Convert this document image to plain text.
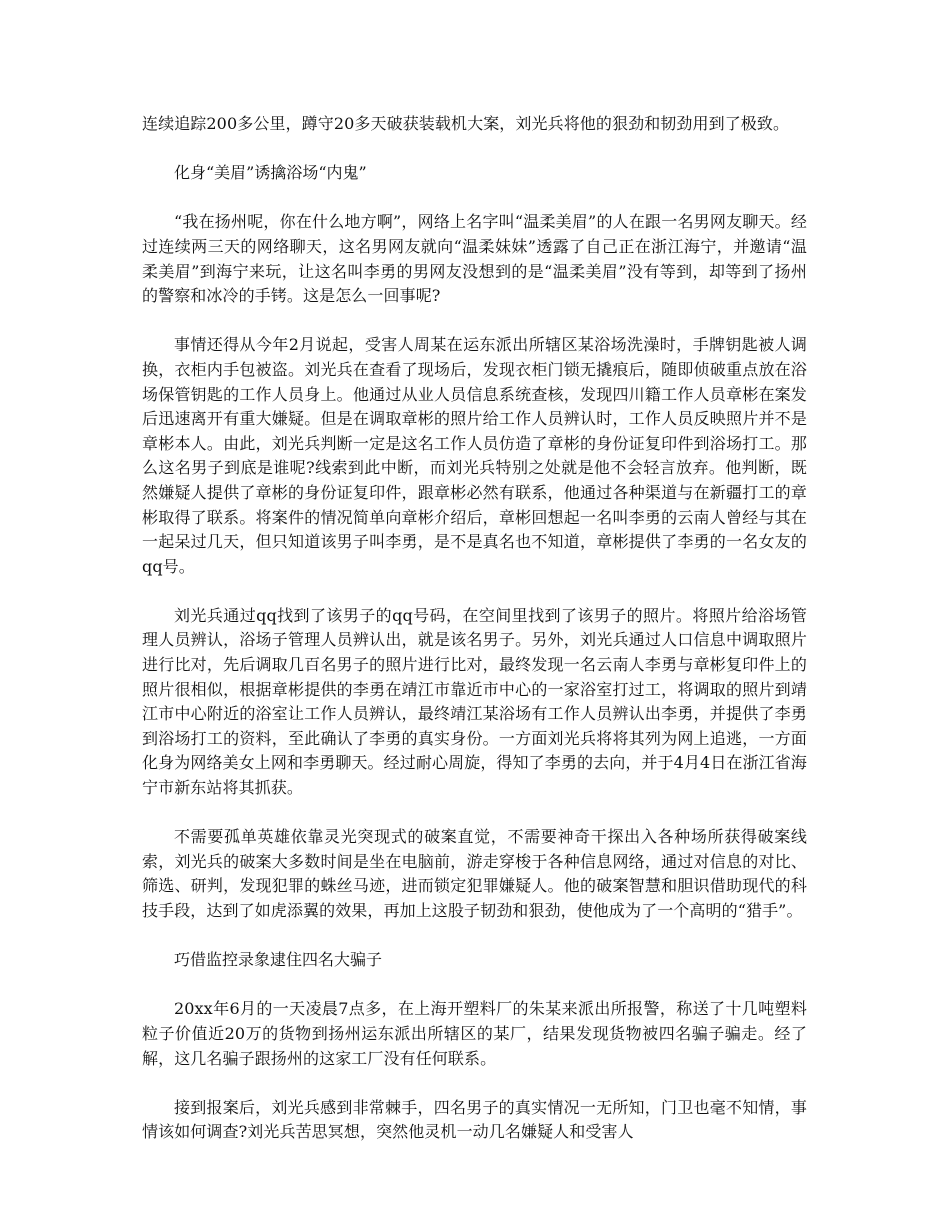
连续追踪200多公里，蹲守20多天破获装载机大案，刘光兵将他的狠劲和韧劲用到了极致。

化身“美眉”诱擒浴场“内鬼”

“我在扬州呢，你在什么地方啊”，网络上名字叫“温柔美眉”的人在跟一名男网友聊天。经过连续两三天的网络聊天，这名男网友就向“温柔妹妹”透露了自己正在浙江海宁，并邀请“温柔美眉”到海宁来玩，让这名叫李勇的男网友没想到的是“温柔美眉”没有等到，却等到了扬州的警察和冰冷的手铐。这是怎么一回事呢?

事情还得从今年2月说起，受害人周某在运东派出所辖区某浴场洗澡时，手牌钥匙被人调换，衣柜内手包被盗。刘光兵在查看了现场后，发现衣柜门锁无撬痕后，随即侦破重点放在浴场保管钥匙的工作人员身上。他通过从业人员信息系统查核，发现四川籍工作人员章彬在案发后迅速离开有重大嫌疑。但是在调取章彬的照片给工作人员辨认时，工作人员反映照片并不是章彬本人。由此，刘光兵判断一定是这名工作人员仿造了章彬的身份证复印件到浴场打工。那么这名男子到底是谁呢?线索到此中断，而刘光兵特别之处就是他不会轻言放弃。他判断，既然嫌疑人提供了章彬的身份证复印件，跟章彬必然有联系，他通过各种渠道与在新疆打工的章彬取得了联系。将案件的情况简单向章彬介绍后，章彬回想起一名叫李勇的云南人曾经与其在一起呆过几天，但只知道该男子叫李勇，是不是真名也不知道，章彬提供了李勇的一名女友的qq号。

刘光兵通过qq找到了该男子的qq号码，在空间里找到了该男子的照片。将照片给浴场管理人员辨认，浴场子管理人员辨认出，就是该名男子。另外，刘光兵通过人口信息中调取照片进行比对，先后调取几百名男子的照片进行比对，最终发现一名云南人李勇与章彬复印件上的照片很相似，根据章彬提供的李勇在靖江市靠近市中心的一家浴室打过工，将调取的照片到靖江市中心附近的浴室让工作人员辨认，最终靖江某浴场有工作人员辨认出李勇，并提供了李勇到浴场打工的资料，至此确认了李勇的真实身份。一方面刘光兵将将其列为网上追逃，一方面化身为网络美女上网和李勇聊天。经过耐心周旋，得知了李勇的去向，并于4月4日在浙江省海宁市新东站将其抓获。

不需要孤单英雄依靠灵光突现式的破案直觉，不需要神奇干探出入各种场所获得破案线索，刘光兵的破案大多数时间是坐在电脑前，游走穿梭于各种信息网络，通过对信息的对比、筛选、研判，发现犯罪的蛛丝马迹，进而锁定犯罪嫌疑人。他的破案智慧和胆识借助现代的科技手段，达到了如虎添翼的效果，再加上这股子韧劲和狠劲，使他成为了一个高明的“猎手”。

巧借监控录象逮住四名大骗子

20xx年6月的一天凌晨7点多，在上海开塑料厂的朱某来派出所报警，称送了十几吨塑料粒子价值近20万的货物到扬州运东派出所辖区的某厂，结果发现货物被四名骗子骗走。经了解，这几名骗子跟扬州的这家工厂没有任何联系。

接到报案后，刘光兵感到非常棘手，四名男子的真实情况一无所知，门卫也毫不知情，事情该如何调查?刘光兵苦思冥想，突然他灵机一动几名嫌疑人和受害人
